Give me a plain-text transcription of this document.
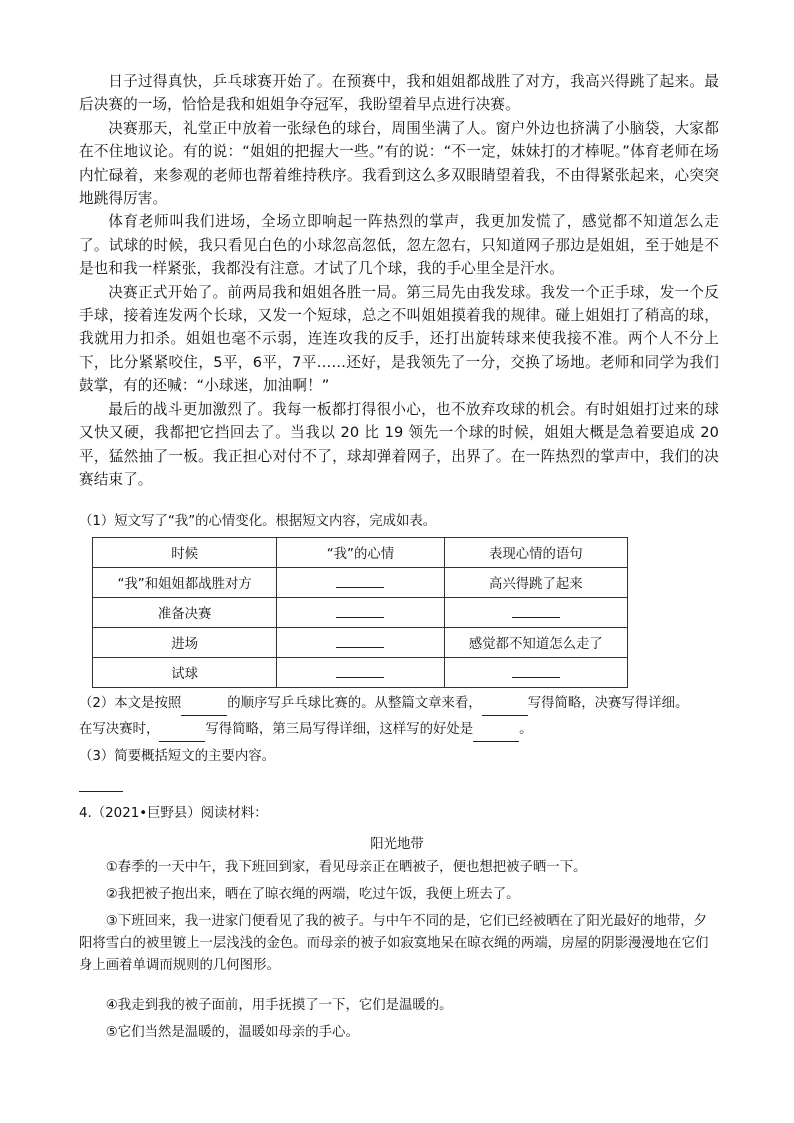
日子过得真快，乒乓球赛开始了。在预赛中，我和姐姐都战胜了对方，我高兴得跳了起来。最后决赛的一场，恰恰是我和姐姐争夺冠军，我盼望着早点进行决赛。

决赛那天，礼堂正中放着一张绿色的球台，周围坐满了人。窗户外边也挤满了小脑袋，大家都在不住地议论。有的说：“姐姐的把握大一些。”有的说：“不一定，妹妹打的才棒呢。”体育老师在场内忙碌着，来参观的老师也帮着维持秩序。我看到这么多双眼睛望着我，不由得紧张起来，心突突地跳得厉害。

体育老师叫我们进场，全场立即响起一阵热烈的掌声，我更加发慌了，感觉都不知道怎么走了。试球的时候，我只看见白色的小球忽高忽低，忽左忽右，只知道网子那边是姐姐，至于她是不是也和我一样紧张，我都没有注意。才试了几个球，我的手心里全是汗水。

决赛正式开始了。前两局我和姐姐各胜一局。第三局先由我发球。我发一个正手球，发一个反手球，接着连发两个长球，又发一个短球，总之不叫姐姐摸着我的规律。碰上姐姐打了稍高的球，我就用力扣杀。姐姐也毫不示弱，连连攻我的反手，还打出旋转球来使我接不准。两个人不分上下，比分紧紧咬住，5平，6平，7平……还好，是我领先了一分，交换了场地。老师和同学为我们鼓掌，有的还喊：“小球迷，加油啊！”

最后的战斗更加激烈了。我每一板都打得很小心，也不放弃攻球的机会。有时姐姐打过来的球又快又硬，我都把它挡回去了。当我以 20 比 19 领先一个球的时候，姐姐大概是急着要追成 20 平，猛然抽了一板。我正担心对付不了，球却弹着网子，出界了。在一阵热烈的掌声中，我们的决赛结束了。

（1）短文写了“我”的心情变化。根据短文内容，完成如表。

时候	“我”的心情	表现心情的语句
“我”和姐姐都战胜对方		高兴得跳了起来
准备决赛		
进场		感觉都不知道怎么走了
试球		

（2）本文是按照	的顺序写乒乓球比赛的。从整篇文章来看，	写得简略，决赛写得详细。

在写决赛时，	写得简略，第三局写得详细，这样写的好处是	。

（3）简要概括短文的主要内容。

4.（2021•巨野县）阅读材料：

阳光地带

①春季的一天中午，我下班回到家，看见母亲正在晒被子，便也想把被子晒一下。

②我把被子抱出来，晒在了晾衣绳的两端，吃过午饭，我便上班去了。

③下班回来，我一进家门便看见了我的被子。与中午不同的是，它们已经被晒在了阳光最好的地带，夕阳将雪白的被里镀上一层浅浅的金色。而母亲的被子如寂寞地呆在晾衣绳的两端，房屋的阴影漫漫地在它们身上画着单调而规则的几何图形。

④我走到我的被子面前，用手抚摸了一下，它们是温暖的。

⑤它们当然是温暖的，温暖如母亲的手心。
